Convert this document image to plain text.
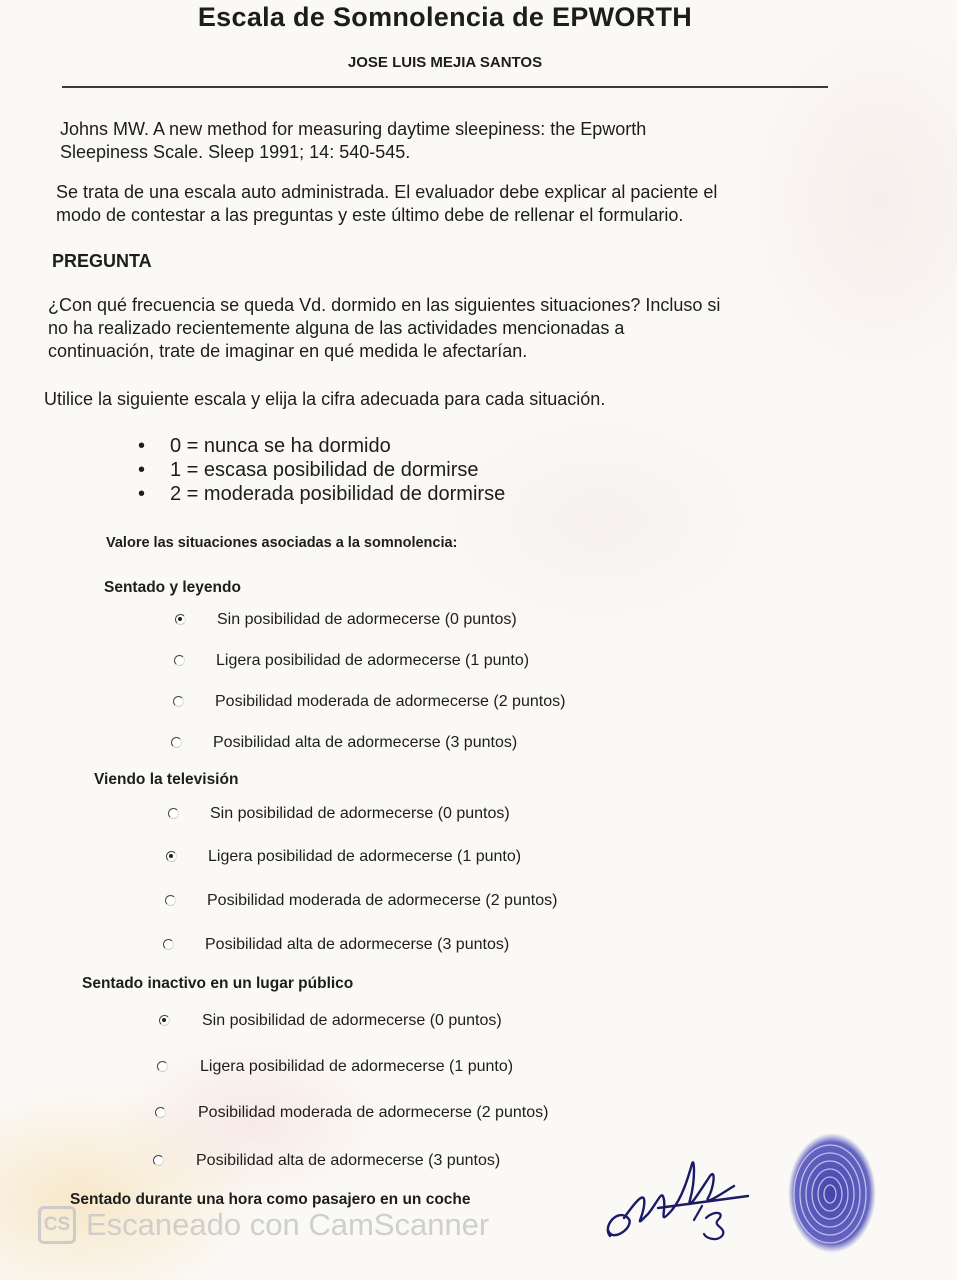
Escala de Somnolencia de EPWORTH
JOSE LUIS MEJIA SANTOS
Johns MW. A new method for measuring daytime sleepiness: the Epworth
Sleepiness Scale. Sleep 1991; 14: 540-545.
Se trata de una escala auto administrada. El evaluador debe explicar al paciente el
modo de contestar a las preguntas y este último debe de rellenar el formulario.
PREGUNTA
¿Con qué frecuencia se queda Vd. dormido en las siguientes situaciones? Incluso si
no ha realizado recientemente alguna de las actividades mencionadas a
continuación, trate de imaginar en qué medida le afectarían.
Utilice la siguiente escala y elija la cifra adecuada para cada situación.
• 0 = nunca se ha dormido
• 1 = escasa posibilidad de dormirse
• 2 = moderada posibilidad de dormirse
Valore las situaciones asociadas a la somnolencia:
Sentado y leyendo
Sin posibilidad de adormecerse (0 puntos)
Ligera posibilidad de adormecerse (1 punto)
Posibilidad moderada de adormecerse (2 puntos)
Posibilidad alta de adormecerse (3 puntos)
Viendo la televisión
Sin posibilidad de adormecerse (0 puntos)
Ligera posibilidad de adormecerse (1 punto)
Posibilidad moderada de adormecerse (2 puntos)
Posibilidad alta de adormecerse (3 puntos)
Sentado inactivo en un lugar público
Sin posibilidad de adormecerse (0 puntos)
Ligera posibilidad de adormecerse (1 punto)
Posibilidad moderada de adormecerse (2 puntos)
Posibilidad alta de adormecerse (3 puntos)
Sentado durante una hora como pasajero en un coche
CS Escaneado con CamScanner
